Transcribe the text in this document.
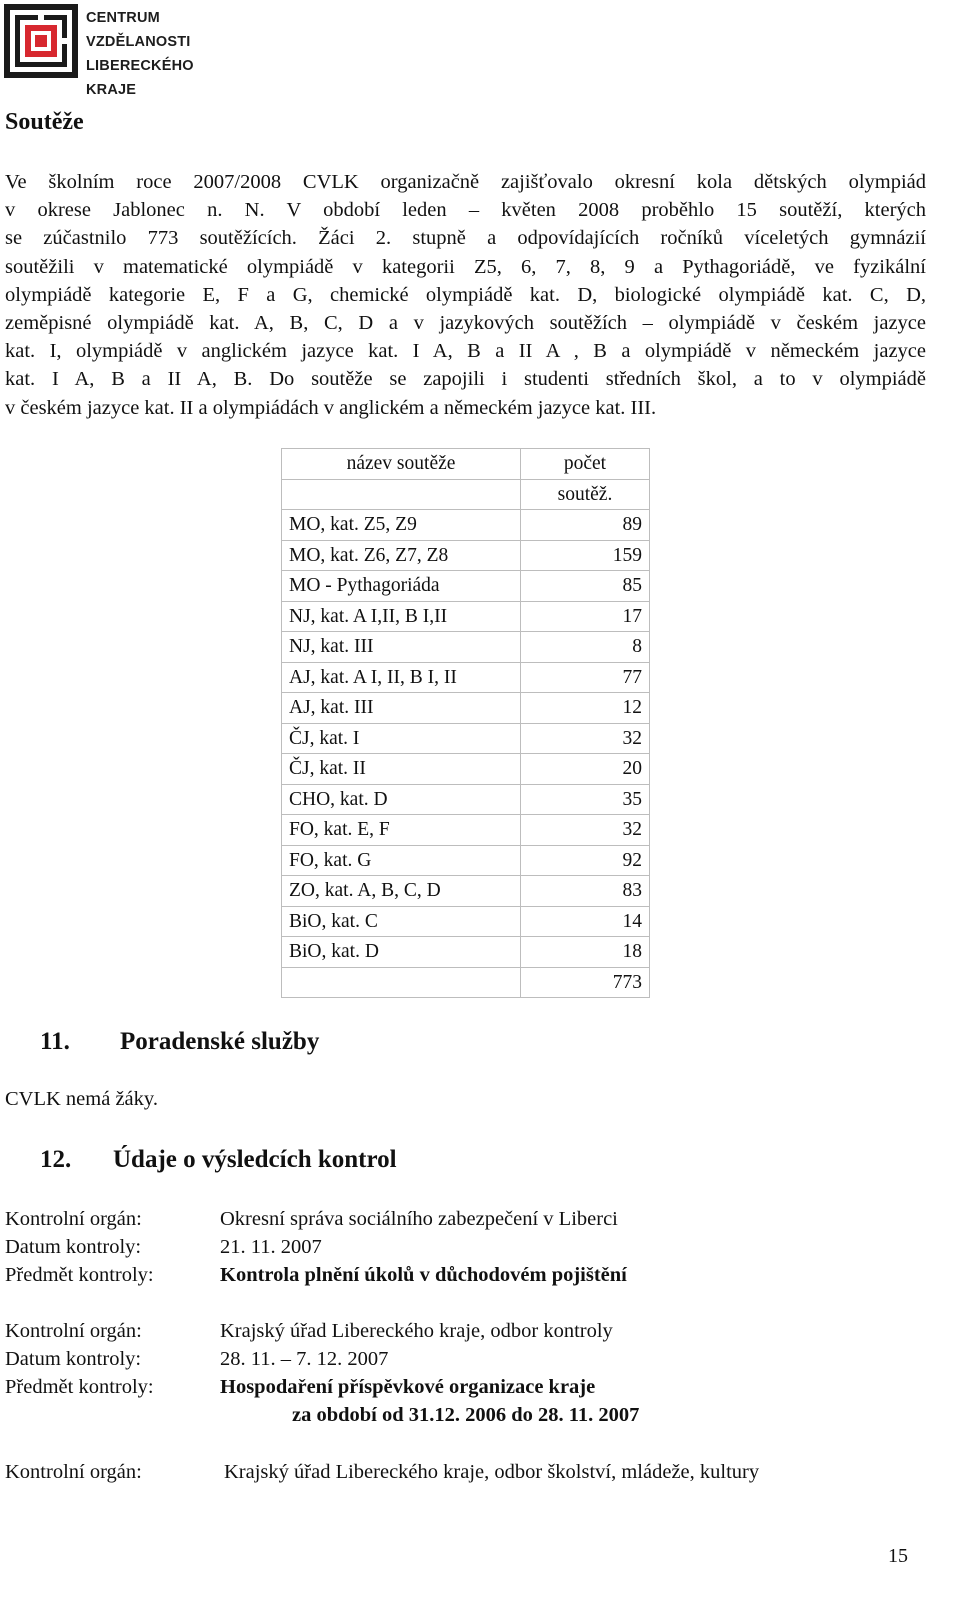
CENTRUM
VZDĚLANOSTI
LIBERECKÉHO KRAJE
Soutěže
Ve školním roce 2007/2008 CVLK organizačně zajišťovalo okresní kola dětských olympiád
v okrese Jablonec n. N. V období leden – květen 2008 proběhlo 15 soutěží, kterých
se zúčastnilo 773 soutěžících. Žáci 2. stupně a odpovídajících ročníků víceletých gymnázií
soutěžili v matematické olympiádě v kategorii Z5, 6, 7, 8, 9 a Pythagoriádě, ve fyzikální
olympiádě kategorie E, F a G, chemické olympiádě kat. D, biologické olympiádě kat. C, D,
zeměpisné olympiádě kat. A, B, C, D a v jazykových soutěžích – olympiádě v českém jazyce
kat. I, olympiádě v anglickém jazyce kat. I A, B a II A , B a olympiádě v německém jazyce
kat. I A, B a II A, B. Do soutěže se zapojili i studenti středních škol, a to v olympiádě
v českém jazyce kat. II a olympiádách v anglickém a německém jazyce kat. III.
název soutěže	počet
	soutěž.
MO, kat. Z5, Z9	89
MO, kat. Z6, Z7, Z8	159
MO - Pythagoriáda	85
NJ, kat. A I,II, B I,II	17
NJ, kat. III	8
AJ, kat. A I, II, B I, II	77
AJ, kat. III	12
ČJ, kat. I	32
ČJ, kat. II	20
CHO, kat. D	35
FO, kat. E, F	32
FO, kat. G	92
ZO, kat. A, B, C, D	83
BiO, kat. C	14
BiO, kat. D	18
	773
11. Poradenské služby
CVLK nemá žáky.
12. Údaje o výsledcích kontrol
Kontrolní orgán:	Okresní správa sociálního zabezpečení v Liberci
Datum kontroly:	21. 11. 2007
Předmět kontroly:	Kontrola plnění úkolů v důchodovém pojištění
Kontrolní orgán:	Krajský úřad Libereckého kraje, odbor kontroly
Datum kontroly:	28. 11. – 7. 12. 2007
Předmět kontroly:	Hospodaření příspěvkové organizace kraje
za období od 31.12. 2006 do 28. 11. 2007
Kontrolní orgán:	Krajský úřad Libereckého kraje, odbor školství, mládeže, kultury
15
